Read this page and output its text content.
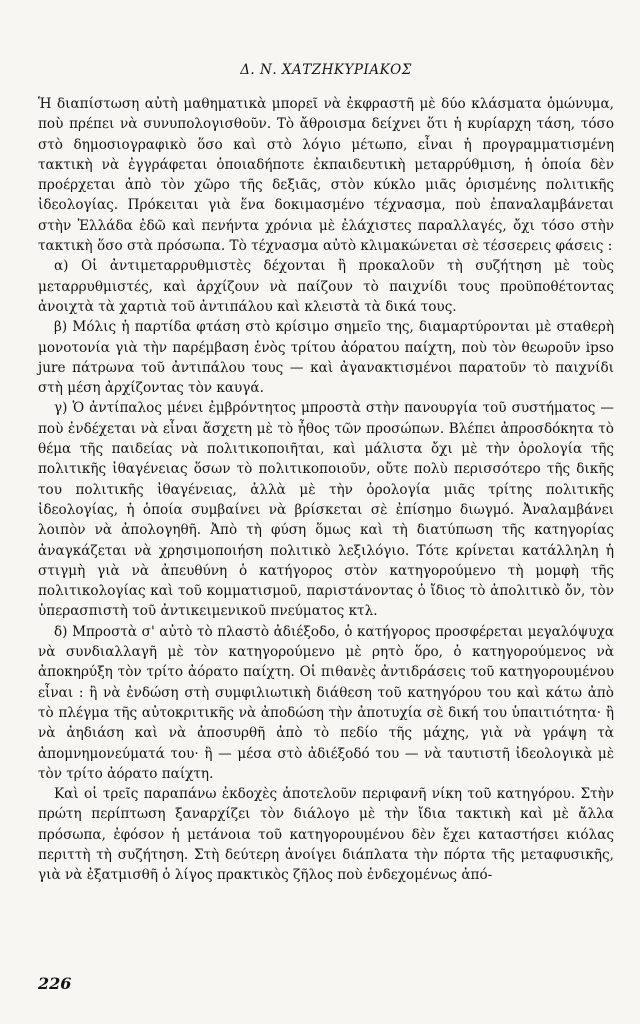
Δ. Ν. ΧΑΤΖΗΚΥΡΙΑΚΟΣ

Ἡ διαπίστωση αὐτὴ μαθηματικὰ μπορεῖ νὰ ἐκφραστῆ μὲ δύο κλάσματα ὁμώνυμα, ποὺ πρέπει νὰ συνυπολογισθοῦν. Τὸ ἄθροισμα δείχνει ὅτι ἡ κυρίαρχη τάση, τόσο στὸ δημοσιογραφικὸ ὅσο καὶ στὸ λόγιο μέτωπο, εἶναι ἡ προγραμματισμένη τακτικὴ νὰ ἐγγράφεται ὁποιαδήποτε ἐκπαιδευτικὴ μεταρρύθμιση, ἡ ὁποία δὲν προέρχεται ἀπὸ τὸν χῶρο τῆς δεξιᾶς, στὸν κύκλο μιᾶς ὁρισμένης πολιτικῆς ἰδεολογίας. Πρόκειται γιὰ ἕνα δοκιμασμένο τέχνασμα, ποὺ ἐπαναλαμβάνεται στὴν Ἑλλάδα ἐδῶ καὶ πενήντα χρόνια μὲ ἐλάχιστες παραλλαγές, ὄχι τόσο στὴν τακτικὴ ὅσο στὰ πρόσωπα. Τὸ τέχνασμα αὐτὸ κλιμακώνεται σὲ τέσσερεις φάσεις :

α) Οἱ ἀντιμεταρρυθμιστὲς δέχονται ἢ προκαλοῦν τὴ συζήτηση μὲ τοὺς μεταρρυθμιστές, καὶ ἀρχίζουν νὰ παίζουν τὸ παιχνίδι τους προϋποθέτοντας ἀνοιχτὰ τὰ χαρτιὰ τοῦ ἀντιπάλου καὶ κλειστὰ τὰ δικά τους.

β) Μόλις ἡ παρτίδα φτάση στὸ κρίσιμο σημεῖο της, διαμαρτύρονται μὲ σταθερὴ μονοτονία γιὰ τὴν παρέμβαση ἑνὸς τρίτου ἀόρατου παίχτη, ποὺ τὸν θεωροῦν ipso jure πάτρωνα τοῦ ἀντιπάλου τους — καὶ ἀγανακτισμένοι παρατοῦν τὸ παιχνίδι στὴ μέση ἀρχίζοντας τὸν καυγά.

γ) Ὁ ἀντίπαλος μένει ἐμβρόντητος μπροστὰ στὴν πανουργία τοῦ συστήματος — ποὺ ἐνδέχεται νὰ εἶναι ἄσχετη μὲ τὸ ἦθος τῶν προσώπων. Βλέπει ἀπροσδόκητα τὸ θέμα τῆς παιδείας νὰ πολιτικοποιῆται, καὶ μάλιστα ὄχι μὲ τὴν ὁρολογία τῆς πολιτικῆς ἰθαγένειας ὅσων τὸ πολιτικοποιοῦν, οὔτε πολὺ περισσότερο τῆς δικῆς του πολιτικῆς ἰθαγένειας, ἀλλὰ μὲ τὴν ὁρολογία μιᾶς τρίτης πολιτικῆς ἰδεολογίας, ἡ ὁποία συμβαίνει νὰ βρίσκεται σὲ ἐπίσημο διωγμό. Ἀναλαμβάνει λοιπὸν νὰ ἀπολογηθῆ. Ἀπὸ τὴ φύση ὅμως καὶ τὴ διατύπωση τῆς κατηγορίας ἀναγκάζεται νὰ χρησιμοποιήση πολιτικὸ λεξιλόγιο. Τότε κρίνεται κατάλληλη ἡ στιγμὴ γιὰ νὰ ἀπευθύνη ὁ κατήγορος στὸν κατηγορούμενο τὴ μομφὴ τῆς πολιτικολογίας καὶ τοῦ κομματισμοῦ, παριστάνοντας ὁ ἴδιος τὸ ἀπολιτικὸ ὄν, τὸν ὑπερασπιστὴ τοῦ ἀντικειμενικοῦ πνεύματος κτλ.

δ) Μπροστὰ σ' αὐτὸ τὸ πλαστὸ ἀδιέξοδο, ὁ κατήγορος προσφέρεται μεγαλόψυχα νὰ συνδιαλλαγῆ μὲ τὸν κατηγορούμενο μὲ ρητὸ ὅρο, ὁ κατηγορούμενος νὰ ἀποκηρύξη τὸν τρίτο ἀόρατο παίχτη. Οἱ πιθανὲς ἀντιδράσεις τοῦ κατηγορουμένου εἶναι : ἢ νὰ ἐνδώση στὴ συμφιλιωτικὴ διάθεση τοῦ κατηγόρου του καὶ κάτω ἀπὸ τὸ πλέγμα τῆς αὐτοκριτικῆς νὰ ἀποδώση τὴν ἀποτυχία σὲ δική του ὑπαιτιότητα· ἢ νὰ ἀηδιάση καὶ νὰ ἀποσυρθῆ ἀπὸ τὸ πεδίο τῆς μάχης, γιὰ νὰ γράψη τὰ ἀπομνημονεύματά του· ἢ — μέσα στὸ ἀδιέξοδό του — νὰ ταυτιστῆ ἰδεολογικὰ μὲ τὸν τρίτο ἀόρατο παίχτη.

Καὶ οἱ τρεῖς παραπάνω ἐκδοχὲς ἀποτελοῦν περιφανῆ νίκη τοῦ κατηγόρου. Στὴν πρώτη περίπτωση ξαναρχίζει τὸν διάλογο μὲ τὴν ἴδια τακτικὴ καὶ μὲ ἄλλα πρόσωπα, ἐφόσον ἡ μετάνοια τοῦ κατηγορουμένου δὲν ἔχει καταστήσει κιόλας περιττὴ τὴ συζήτηση. Στὴ δεύτερη ἀνοίγει διάπλατα τὴν πόρτα τῆς μεταφυσικῆς, γιὰ νὰ ἐξατμισθῆ ὁ λίγος πρακτικὸς ζῆλος ποὺ ἐνδεχομένως ἀπό-

226
